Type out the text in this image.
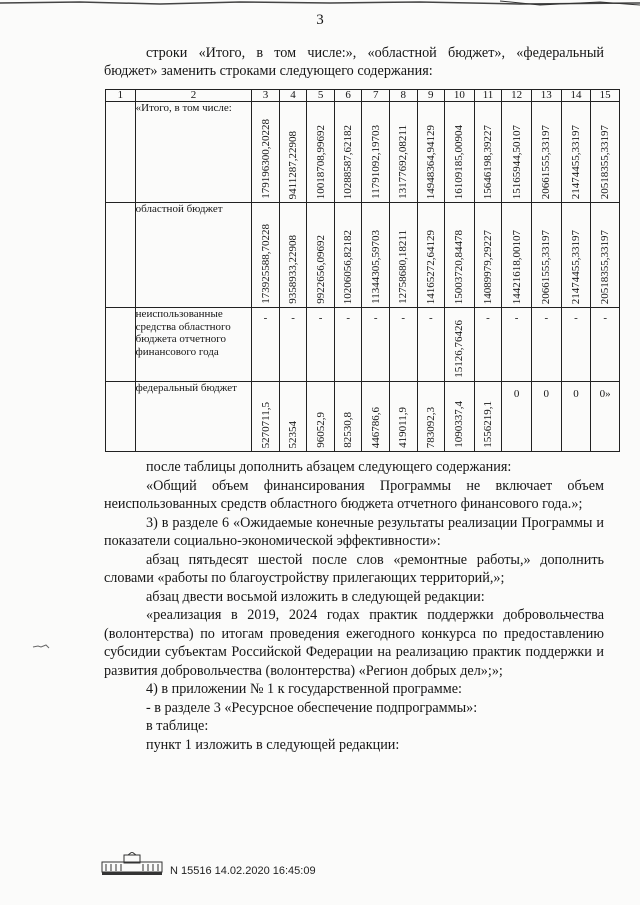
3

строки «Итого, в том числе:», «областной бюджет», «федеральный бюджет» заменить строками следующего содержания:

1	2	3	4	5	6	7	8	9	10	11	12	13	14	15
	«Итого, в том числе:	179196300,20228	9411287,22908	10018708,99692	10288587,62182	11791092,19703	13177692,08211	14948364,94129	16109185,00904	15646198,39227	15165944,50107	20661555,33197	21474455,33197	20518355,33197

	областной бюджет	173925588,70228	9358933,22908	9922656,09692	10206056,82182	11344305,59703	12758680,18211	14165272,64129	15003720,84478	14089979,29227	14421618,00107	20661555,33197	21474455,33197	20518355,33197

	неиспользованные средства областного бюджета отчетного финансового года	-	-	-	-	-	-	-	15126,76426	-	-	-	-	-

	федеральный бюджет	5270711,5	52354	96052,9	82530,8	446786,6	419011,9	783092,3	1090337,4	1556219,1	0	0	0	0»

после таблицы дополнить абзацем следующего содержания:

«Общий объем финансирования Программы не включает объем неиспользованных средств областного бюджета отчетного финансового года.»;

3) в разделе 6 «Ожидаемые конечные результаты реализации Программы и показатели социально-экономической эффективности»:

абзац пятьдесят шестой после слов «ремонтные работы,» дополнить словами «работы по благоустройству прилегающих территорий,»;

абзац двести восьмой изложить в следующей редакции:

«реализация в 2019, 2024 годах практик поддержки добровольчества (волонтерства) по итогам проведения ежегодного конкурса по предоставлению субсидии субъектам Российской Федерации на реализацию практик поддержки и развития добровольчества (волонтерства) «Регион добрых дел»;»;

4) в приложении № 1 к государственной программе:

- в разделе 3 «Ресурсное обеспечение подпрограммы»:

в таблице:

пункт 1 изложить в следующей редакции:

N 15516 14.02.2020 16:45:09
